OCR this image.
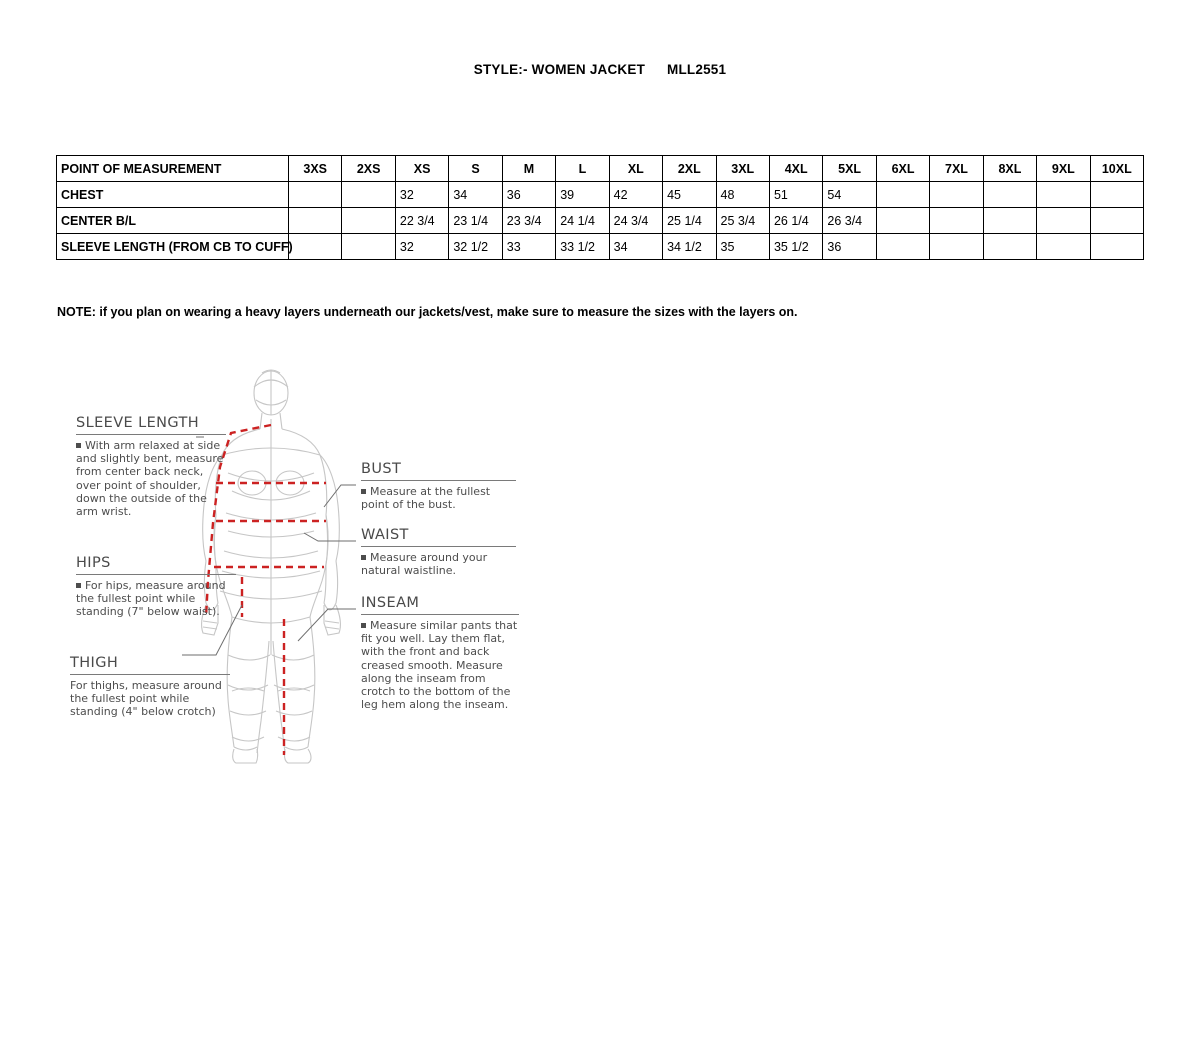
STYLE:- WOMEN JACKET MLL2551
POINT OF MEASUREMENT	3XS	2XS	XS	S	M	L	XL	2XL	3XL	4XL	5XL	6XL	7XL	8XL	9XL	10XL
CHEST			32	34	36	39	42	45	48	51	54					
CENTER B/L			22 3/4	23 1/4	23 3/4	24 1/4	24 3/4	25 1/4	25 3/4	26 1/4	26 3/4					
SLEEVE LENGTH (FROM CB TO CUFF)			32	32 1/2	33	33 1/2	34	34 1/2	35	35 1/2	36					
NOTE: if you plan on wearing a heavy layers underneath our jackets/vest, make sure to measure the sizes with the layers on.
SLEEVE LENGTH
With arm relaxed at side and slightly bent, measure from center back neck, over point of shoulder, down the outside of the arm wrist.
HIPS
For hips, measure around the fullest point while standing (7" below waist).
THIGH
For thighs, measure around the fullest point while standing (4" below crotch)
BUST
Measure at the fullest point of the bust.
WAIST
Measure around your natural waistline.
INSEAM
Measure similar pants that fit you well. Lay them flat, with the front and back creased smooth. Measure along the inseam from crotch to the bottom of the leg hem along the inseam.
